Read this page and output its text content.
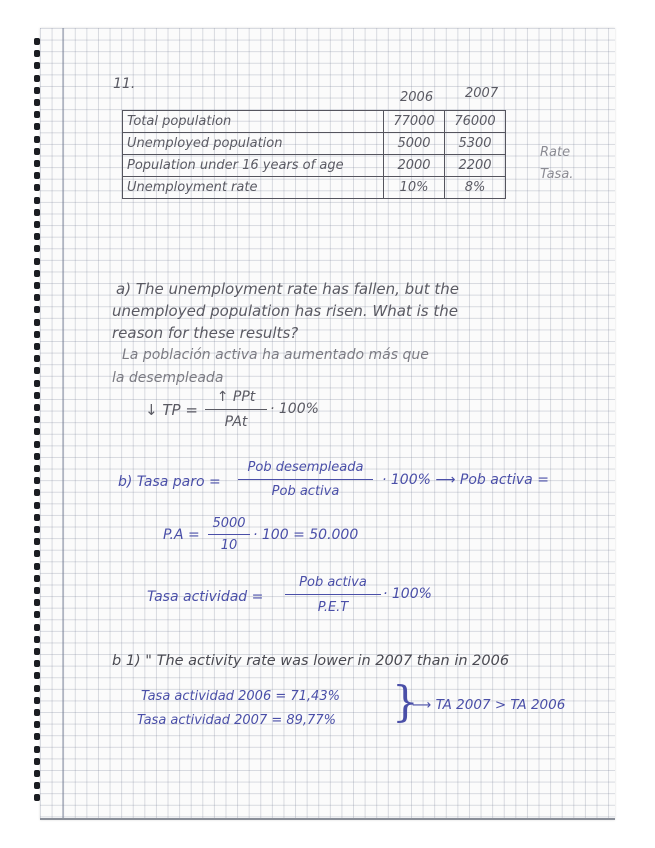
11.
2006 2007
Total population	77000	76000
Unemployed population	5000	5300
Population under 16 years of age	2000	2200
Unemployment rate	10%	8%
Rate
Tasa.
a) The unemployment rate has fallen, but the
unemployed population has risen. What is the
reason for these results?
La población activa ha aumentado más que
la desempleada
↓ TP =
↑ PPt
PAt
· 100%
b) Tasa paro =
Pob desempleada
Pob activa
· 100% ⟶ Pob activa =
P.A =
5000
10
· 100 = 50.000
Tasa actividad =
Pob activa
P.E.T
· 100%
b 1) " The activity rate was lower in 2007 than in 2006
Tasa actividad 2006 = 71,43%
Tasa actividad 2007 = 89,77% }
⟶ TA 2007 > TA 2006
